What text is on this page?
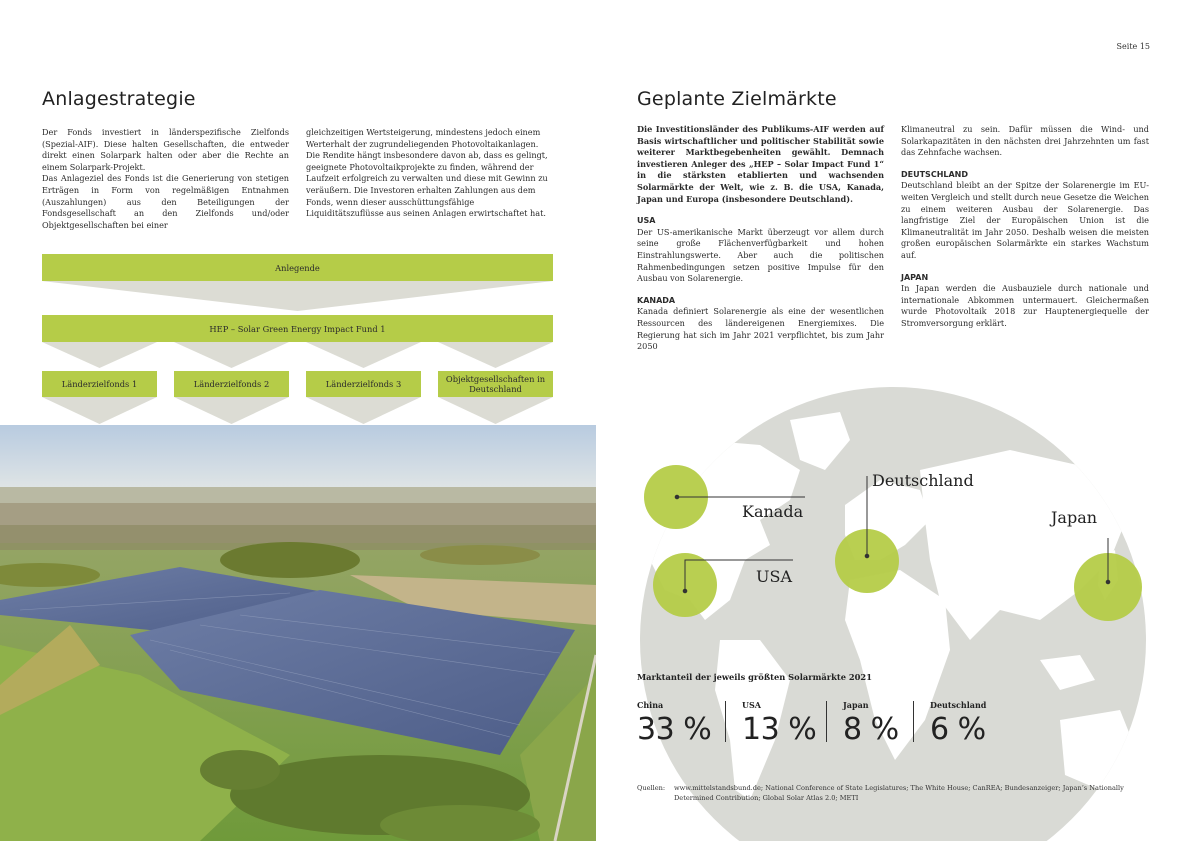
Seite 15
Anlagestrategie

Der Fonds investiert in länderspezifische Zielfonds (Spezial-AIF). Diese halten Gesellschaften, die entweder direkt einen Solarpark halten oder aber die Rechte an einem Solarpark-Projekt.

Das Anlageziel des Fonds ist die Generierung von stetigen Erträgen in Form von regelmäßigen Entnahmen (Auszahlungen) aus den Beteiligungen der Fondsgesellschaft an den Zielfonds und/oder Objektgesellschaften bei einer

gleichzeitigen Wertsteigerung, mindestens jedoch einem Werterhalt der zugrundeliegenden Photovoltaikanlagen.

Die Rendite hängt insbesondere davon ab, dass es gelingt, geeignete Photovoltaikprojekte zu finden, während der Laufzeit erfolgreich zu verwalten und diese mit Gewinn zu veräußern. Die Investoren erhalten Zahlungen aus dem Fonds, wenn dieser ausschüttungsfähige Liquiditätszuflüsse aus seinen Anlagen erwirtschaftet hat.

Anlegende
HEP – Solar Green Energy Impact Fund 1
Länderzielfonds 1	Länderzielfonds 2	Länderzielfonds 3	Objektgesellschaften in Deutschland
Geplante Zielmärkte

Die Investitionsländer des Publikums-AIF werden auf Basis wirtschaftlicher und politischer Stabilität sowie weiterer Marktbegebenheiten gewählt. Demnach investieren Anleger des „HEP – Solar Impact Fund 1“ in die stärksten etablierten und wachsenden Solarmärkte der Welt, wie z. B. die USA, Kanada, Japan und Europa (insbesondere Deutschland).

USA

Der US-amerikanische Markt überzeugt vor allem durch seine große Flächenverfügbarkeit und hohen Einstrahlungswerte. Aber auch die politischen Rahmenbedingungen setzen positive Impulse für den Ausbau von Solarenergie.

KANADA

Kanada definiert Solarenergie als eine der wesentlichen Ressourcen des ländereigenen Energiemixes. Die Regierung hat sich im Jahr 2021 verpflichtet, bis zum Jahr 2050

Klimaneutral zu sein. Dafür müssen die Wind- und Solarkapazitäten in den nächsten drei Jahrzehnten um fast das Zehnfache wachsen.

DEUTSCHLAND

Deutschland bleibt an der Spitze der Solarenergie im EU-weiten Vergleich und stellt durch neue Gesetze die Weichen zu einem weiteren Ausbau der Solarenergie. Das langfristige Ziel der Europäischen Union ist die Klimaneutralität im Jahr 2050. Deshalb weisen die meisten großen europäischen Solarmärkte ein starkes Wachstum auf.

JAPAN

In Japan werden die Ausbauziele durch nationale und internationale Abkommen untermauert. Gleichermaßen wurde Photovoltaik 2018 zur Hauptenergiequelle der Stromversorgung erklärt.

Kanada
USA
Deutschland
Japan
Marktanteil der jeweils größten Solarmärkte 2021
China
33 %
USA
13 %
Japan
8 %
Deutschland
6 %
Quellen: www.mittelstandsbund.de; National Conference of State Legislatures; The White House; CanREA; Bundesanzeiger; Japan’s Nationally Determined Contribution; Global Solar Atlas 2.0; METI
